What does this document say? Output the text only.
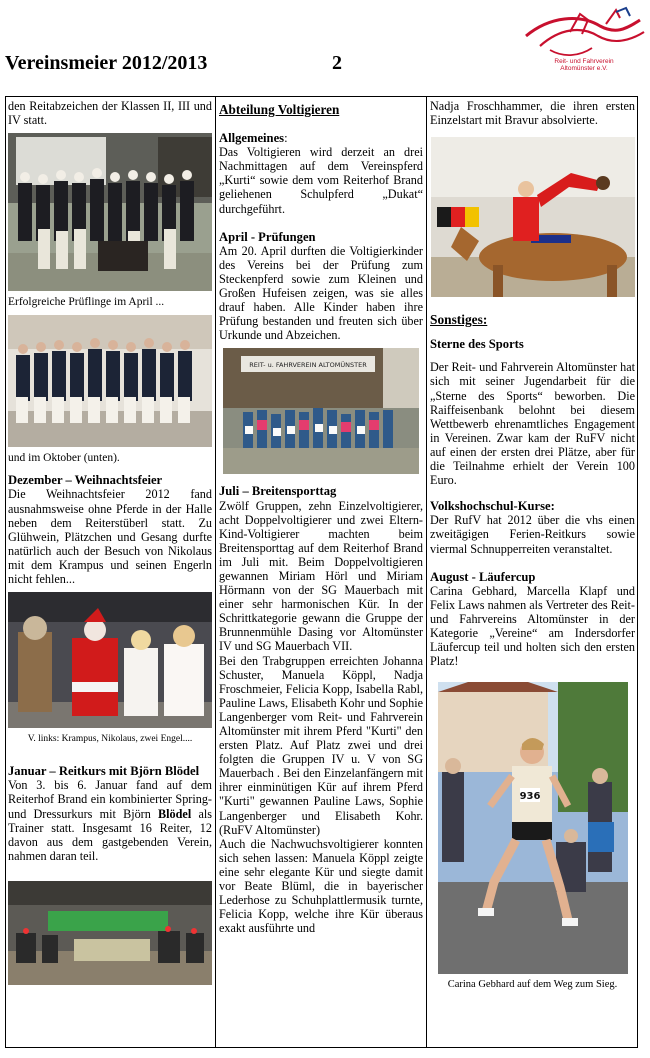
Vereinsmeier 2012/2013	2	Reit- und Fahrverein
Altomünster e.V.

den Reitabzeichen der Klassen II, III und IV statt.

Erfolgreiche Prüflinge im April ...
und im Oktober (unten).
Dezember – Weihnachtsfeier

Die Weihnachtsfeier 2012 fand ausnahmsweise ohne Pferde in der Halle neben dem Reiterstüberl statt. Zu Glühwein, Plätzchen und Gesang durfte natürlich auch der Besuch von Nikolaus mit dem Krampus und seinen Engerln nicht fehlen...

V. links: Krampus, Nikolaus, zwei Engel....
Januar – Reitkurs mit Björn Blödel

Von 3. bis 6. Januar fand auf dem Reiterhof Brand ein kombinierter Spring- und Dressurkurs mit Björn Blödel als Trainer statt. Insgesamt 16 Reiter, 12 davon aus dem gastgebenden Verein, nahmen daran teil.

Abteilung Voltigieren
Allgemeines:

Das Voltigieren wird derzeit an drei Nachmittagen auf dem Vereinspferd „Kurti“ sowie dem vom Reiterhof Brand geliehenen Schulpferd „Dukat“ durchgeführt.

April - Prüfungen

Am 20. April durften die Voltigierkinder des Vereins bei der Prüfung zum Steckenpferd sowie zum Kleinen und Großen Hufeisen zeigen, was sie alles drauf haben. Alle Kinder haben ihre Prüfung bestanden und freuten sich über Urkunde und Abzeichen.

REIT- u. FAHRVEREIN ALTOMÜNSTER
Juli – Breitensporttag

Zwölf Gruppen, zehn Einzelvoltigierer, acht Doppelvoltigierer und zwei Eltern-Kind-Voltigierer machten beim Breitensporttag auf dem Reiterhof Brand im Juli mit. Beim Doppelvoltigieren gewannen Miriam Hörl und Miriam Hörmann von der SG Mauerbach mit einer sehr harmonischen Kür. In der Schrittkategorie gewann die Gruppe der Brunnenmühle Dasing vor Altomünster IV und SG Mauerbach VII.

Bei den Trabgruppen erreichten Johanna Schuster, Manuela Köppl, Nadja Froschmeier, Felicia Kopp, Isabella Rabl, Pauline Laws, Elisabeth Kohr und Sophie Langenberger vom Reit- und Fahrverein Altomünster mit ihrem Pferd "Kurti" den ersten Platz. Auf Platz zwei und drei folgten die Gruppen IV u. V von SG Mauerbach . Bei den Einzelanfängern mit ihrer einminütigen Kür auf ihrem Pferd "Kurti" gewannen Pauline Laws, Sophie Langenberger und Elisabeth Kohr. (RuFV Altomünster)

Auch die Nachwuchsvoltigierer konnten sich sehen lassen: Manuela Köppl zeigte eine sehr elegante Kür und siegte damit vor Beate Blüml, die in bayerischer Lederhose zu Schuhplattlermusik turnte, Felicia Kopp, welche ihre Kür überaus exakt ausführte und

Nadja Froschhammer, die ihren ersten Einzelstart mit Bravur absolvierte.

Sonstiges:
Sterne des Sports

Der Reit- und Fahrverein Altomünster hat sich mit seiner Jugendarbeit für die „Sterne des Sports“ beworben. Die Raiffeisenbank belohnt bei diesem Wettbewerb ehrenamtliches Engagement in Vereinen. Zwar kam der RuFV nicht auf einen der ersten drei Plätze, aber für die Teilnahme erhielt der Verein 100 Euro.

Volkshochschul-Kurse:

Der RufV hat 2012 über die vhs einen zweitägigen Ferien-Reitkurs sowie viermal Schnupperreiten veranstaltet.

August - Läufercup

Carina Gebhard, Marcella Klapf und Felix Laws nahmen als Vertreter des Reit- und Fahrvereins Altomünster in der Kategorie „Vereine“ am Indersdorfer Läufercup teil und holten sich den ersten Platz!

936
Carina Gebhard auf dem Weg zum Sieg.
